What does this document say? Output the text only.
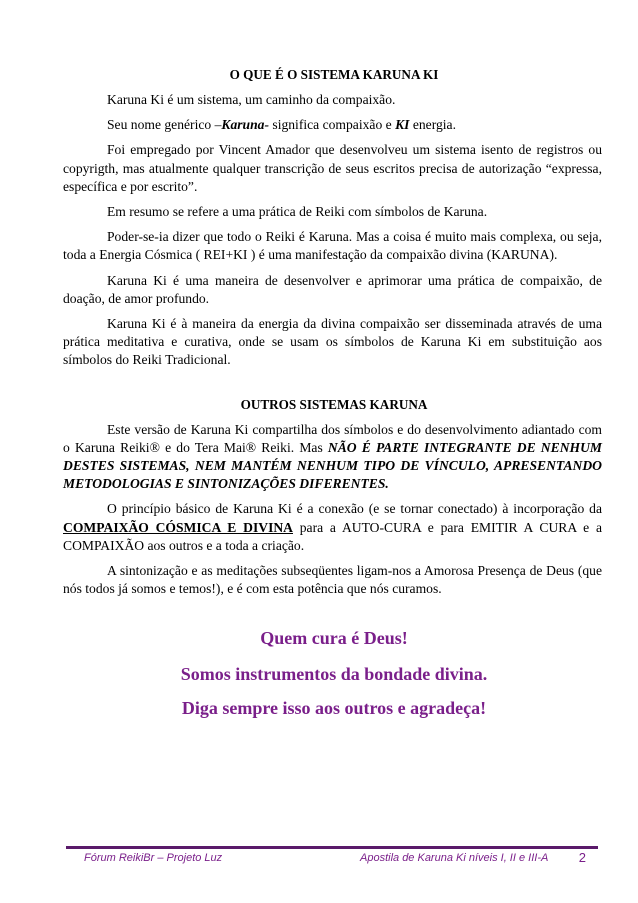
O QUE É O SISTEMA KARUNA KI

Karuna Ki é um sistema, um caminho da compaixão.

Seu nome genérico –Karuna- significa compaixão e KI energia.

Foi empregado por Vincent Amador que desenvolveu um sistema isento de registros ou copyrigth, mas atualmente qualquer transcrição de seus escritos precisa de autorização “expressa, específica e por escrito”.

Em resumo se refere a uma prática de Reiki com símbolos de Karuna.

Poder-se-ia dizer que todo o Reiki é Karuna. Mas a coisa é muito mais complexa, ou seja, toda a Energia Cósmica ( REI+KI ) é uma manifestação da compaixão divina (KARUNA).

Karuna Ki é uma maneira de desenvolver e aprimorar uma prática de compaixão, de doação, de amor profundo.

Karuna Ki é à maneira da energia da divina compaixão ser disseminada através de uma prática meditativa e curativa, onde se usam os símbolos de Karuna Ki em substituição aos símbolos do Reiki Tradicional.

OUTROS SISTEMAS KARUNA

Este versão de Karuna Ki compartilha dos símbolos e do desenvolvimento adiantado com o Karuna Reiki® e do Tera Mai® Reiki. Mas NÃO É PARTE INTEGRANTE DE NENHUM DESTES SISTEMAS, NEM MANTÉM NENHUM TIPO DE VÍNCULO, APRESENTANDO METODOLOGIAS E SINTONIZAÇÕES DIFERENTES.

O princípio básico de Karuna Ki é a conexão (e se tornar conectado) à incorporação da COMPAIXÃO CÓSMICA E DIVINA para a AUTO-CURA e para EMITIR A CURA e a COMPAIXÃO aos outros e a toda a criação.

A sintonização e as meditações subseqüentes ligam-nos a Amorosa Presença de Deus (que nós todos já somos e temos!), e é com esta potência que nós curamos.

Quem cura é Deus!
Somos instrumentos da bondade divina.
Diga sempre isso aos outros e agradeça!
Fórum ReikiBr – Projeto Luz	Apostila de Karuna Ki níveis I, II e III-A 2
